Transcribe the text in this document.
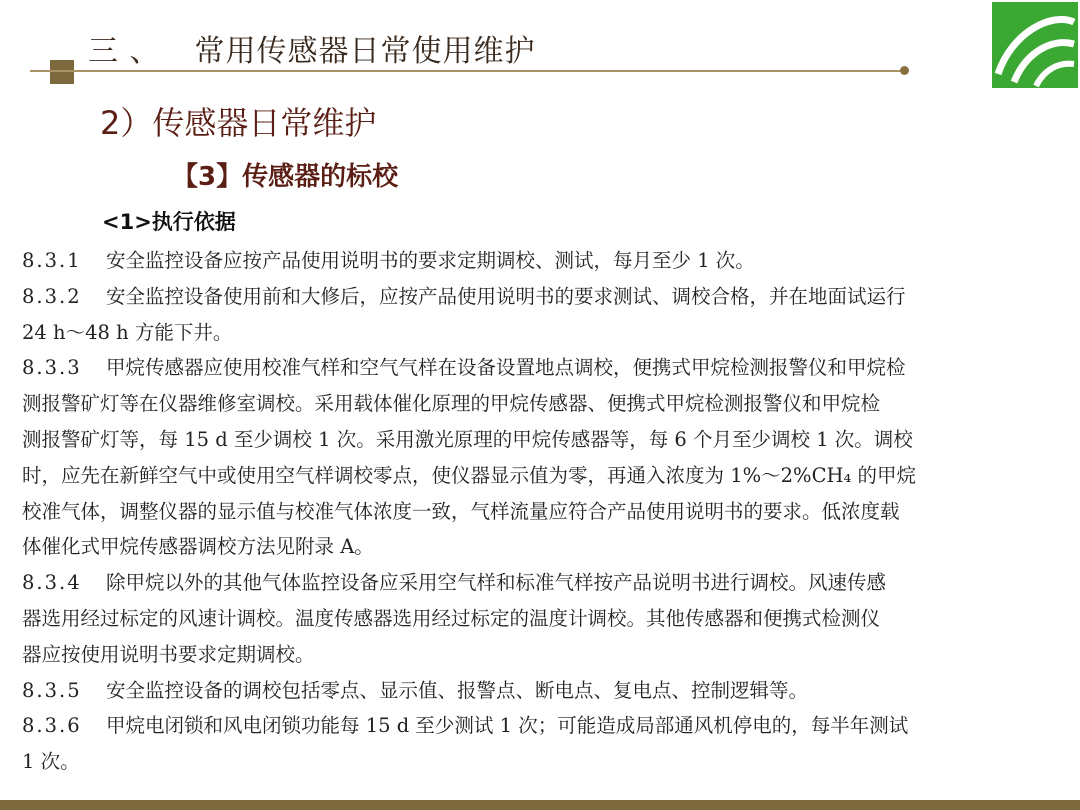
三 、 常用传感器日常使用维护
2）传感器日常维护
【3】传感器的标校
<1>执行依据
8.3.1 安全监控设备应按产品使用说明书的要求定期调校、测试，每月至少 1 次。
8.3.2 安全监控设备使用前和大修后，应按产品使用说明书的要求测试、调校合格，并在地面试运行
24 h～48 h 方能下井。
8.3.3 甲烷传感器应使用校准气样和空气气样在设备设置地点调校，便携式甲烷检测报警仪和甲烷检
测报警矿灯等在仪器维修室调校。采用载体催化原理的甲烷传感器、便携式甲烷检测报警仪和甲烷检
测报警矿灯等，每 15 d 至少调校 1 次。采用激光原理的甲烷传感器等，每 6 个月至少调校 1 次。调校
时，应先在新鲜空气中或使用空气样调校零点，使仪器显示值为零，再通入浓度为 1%～2%CH₄ 的甲烷
校准气体，调整仪器的显示值与校准气体浓度一致，气样流量应符合产品使用说明书的要求。低浓度载
体催化式甲烷传感器调校方法见附录 A。
8.3.4 除甲烷以外的其他气体监控设备应采用空气样和标准气样按产品说明书进行调校。风速传感
器选用经过标定的风速计调校。温度传感器选用经过标定的温度计调校。其他传感器和便携式检测仪
器应按使用说明书要求定期调校。
8.3.5 安全监控设备的调校包括零点、显示值、报警点、断电点、复电点、控制逻辑等。
8.3.6 甲烷电闭锁和风电闭锁功能每 15 d 至少测试 1 次；可能造成局部通风机停电的，每半年测试
1 次。
